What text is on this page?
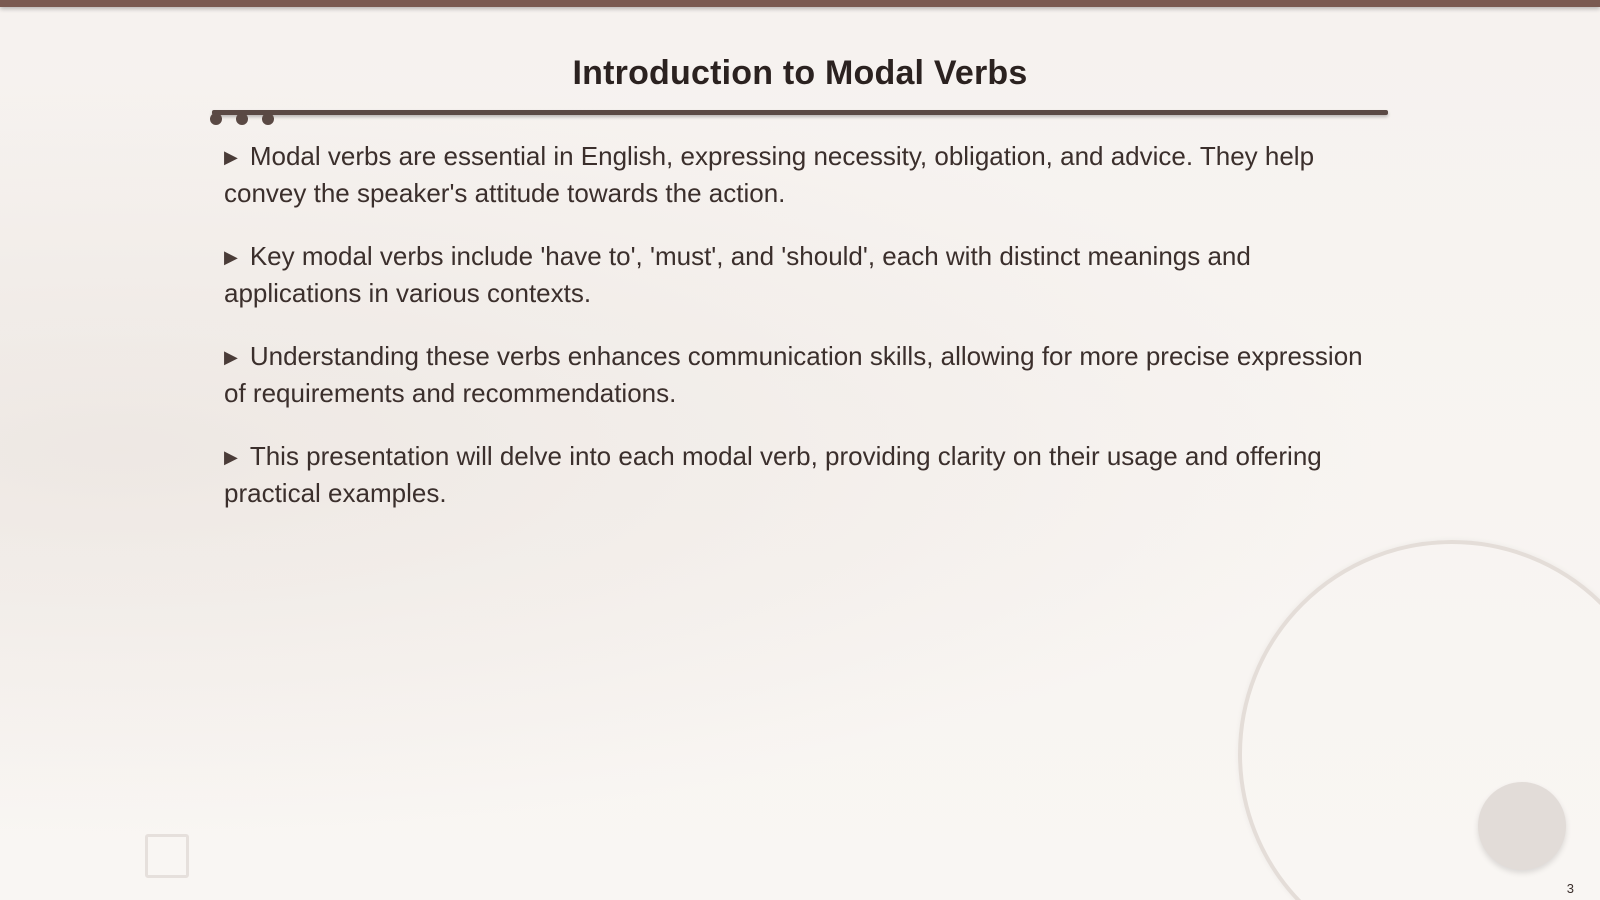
Introduction to Modal Verbs
▶ Modal verbs are essential in English, expressing necessity, obligation, and advice. They help convey the speaker's attitude towards the action.
▶ Key modal verbs include 'have to', 'must', and 'should', each with distinct meanings and applications in various contexts.
▶ Understanding these verbs enhances communication skills, allowing for more precise expression of requirements and recommendations.
▶ This presentation will delve into each modal verb, providing clarity on their usage and offering practical examples.
3
